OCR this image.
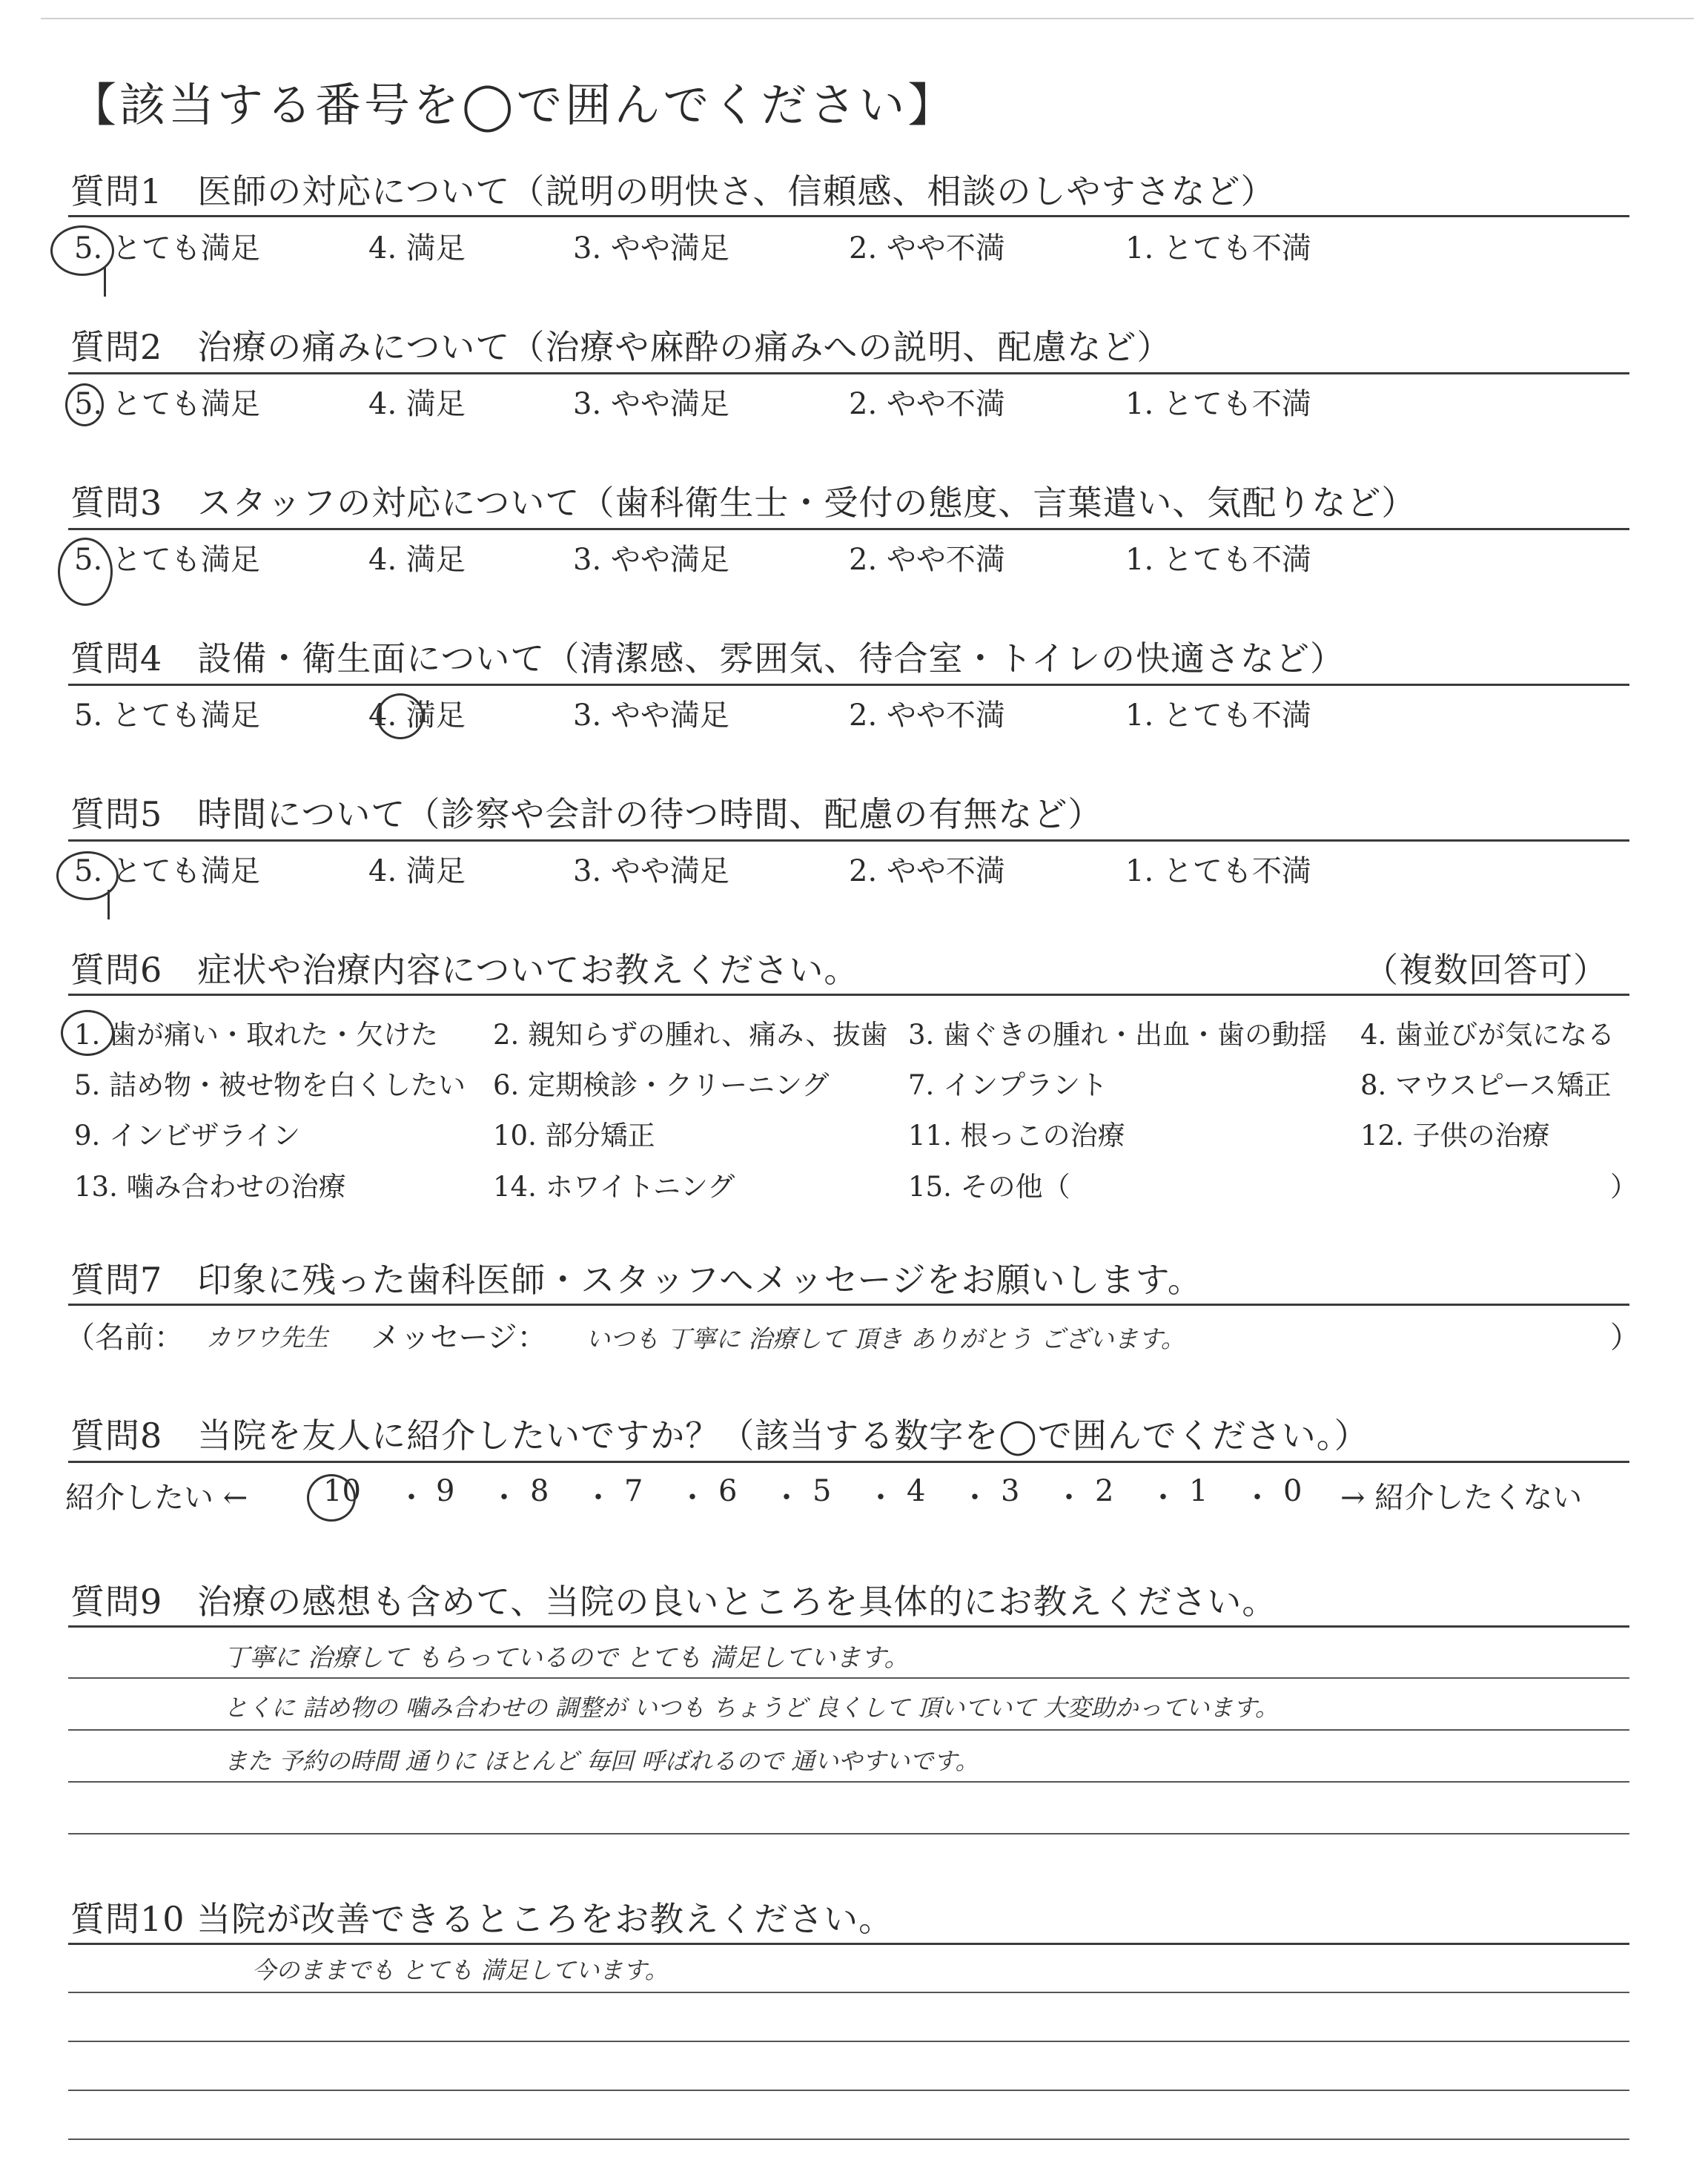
【該当する番号を◯で囲んでください】
質問1　医師の対応について（説明の明快さ、信頼感、相談のしやすさなど）
5. とても満足	4. 満足	3. やや満足	2. やや不満	1. とても不満
質問2　治療の痛みについて（治療や麻酔の痛みへの説明、配慮など）
5. とても満足	4. 満足	3. やや満足	2. やや不満	1. とても不満
質問3　スタッフの対応について（歯科衛生士・受付の態度、言葉遣い、気配りなど）
5. とても満足	4. 満足	3. やや満足	2. やや不満	1. とても不満
質問4　設備・衛生面について（清潔感、雰囲気、待合室・トイレの快適さなど）
5. とても満足	4. 満足	3. やや満足	2. やや不満	1. とても不満
質問5　時間について（診察や会計の待つ時間、配慮の有無など）
5. とても満足	4. 満足	3. やや満足	2. やや不満	1. とても不満
質問6　症状や治療内容についてお教えください。	（複数回答可）
1. 歯が痛い・取れた・欠けた 2. 親知らずの腫れ、痛み、抜歯 3. 歯ぐきの腫れ・出血・歯の動揺 4. 歯並びが気になる
5. 詰め物・被せ物を白くしたい 6. 定期検診・クリーニング	7. インプラント	8. マウスピース矯正
9. インビザライン	10. 部分矯正	11. 根っこの治療	12. 子供の治療
13. 噛み合わせの治療	14. ホワイトニング	15. その他（	）
質問7　印象に残った歯科医師・スタッフへメッセージをお願いします。
（名前： カワウ先生 メッセージ： いつも 丁寧に 治療して 頂き ありがとう ございます。	）
質問8　当院を友人に紹介したいですか？（該当する数字を◯で囲んでください。）
紹介したい ←	→ 紹介したくない
10 ・ 9 ・ 8 ・ 7 ・ 6 ・ 5 ・ 4 ・ 3 ・ 2 ・ 1 ・ 0
質問9　治療の感想も含めて、当院の良いところを具体的にお教えください。
丁寧に 治療して もらっているので とても 満足しています。
とくに 詰め物の 噛み合わせの 調整が いつも ちょうど 良くして 頂いていて 大変助かっています。
また 予約の時間 通りに ほとんど 毎回 呼ばれるので 通いやすいです。
質問10 当院が改善できるところをお教えください。
今のままでも とても 満足しています。
